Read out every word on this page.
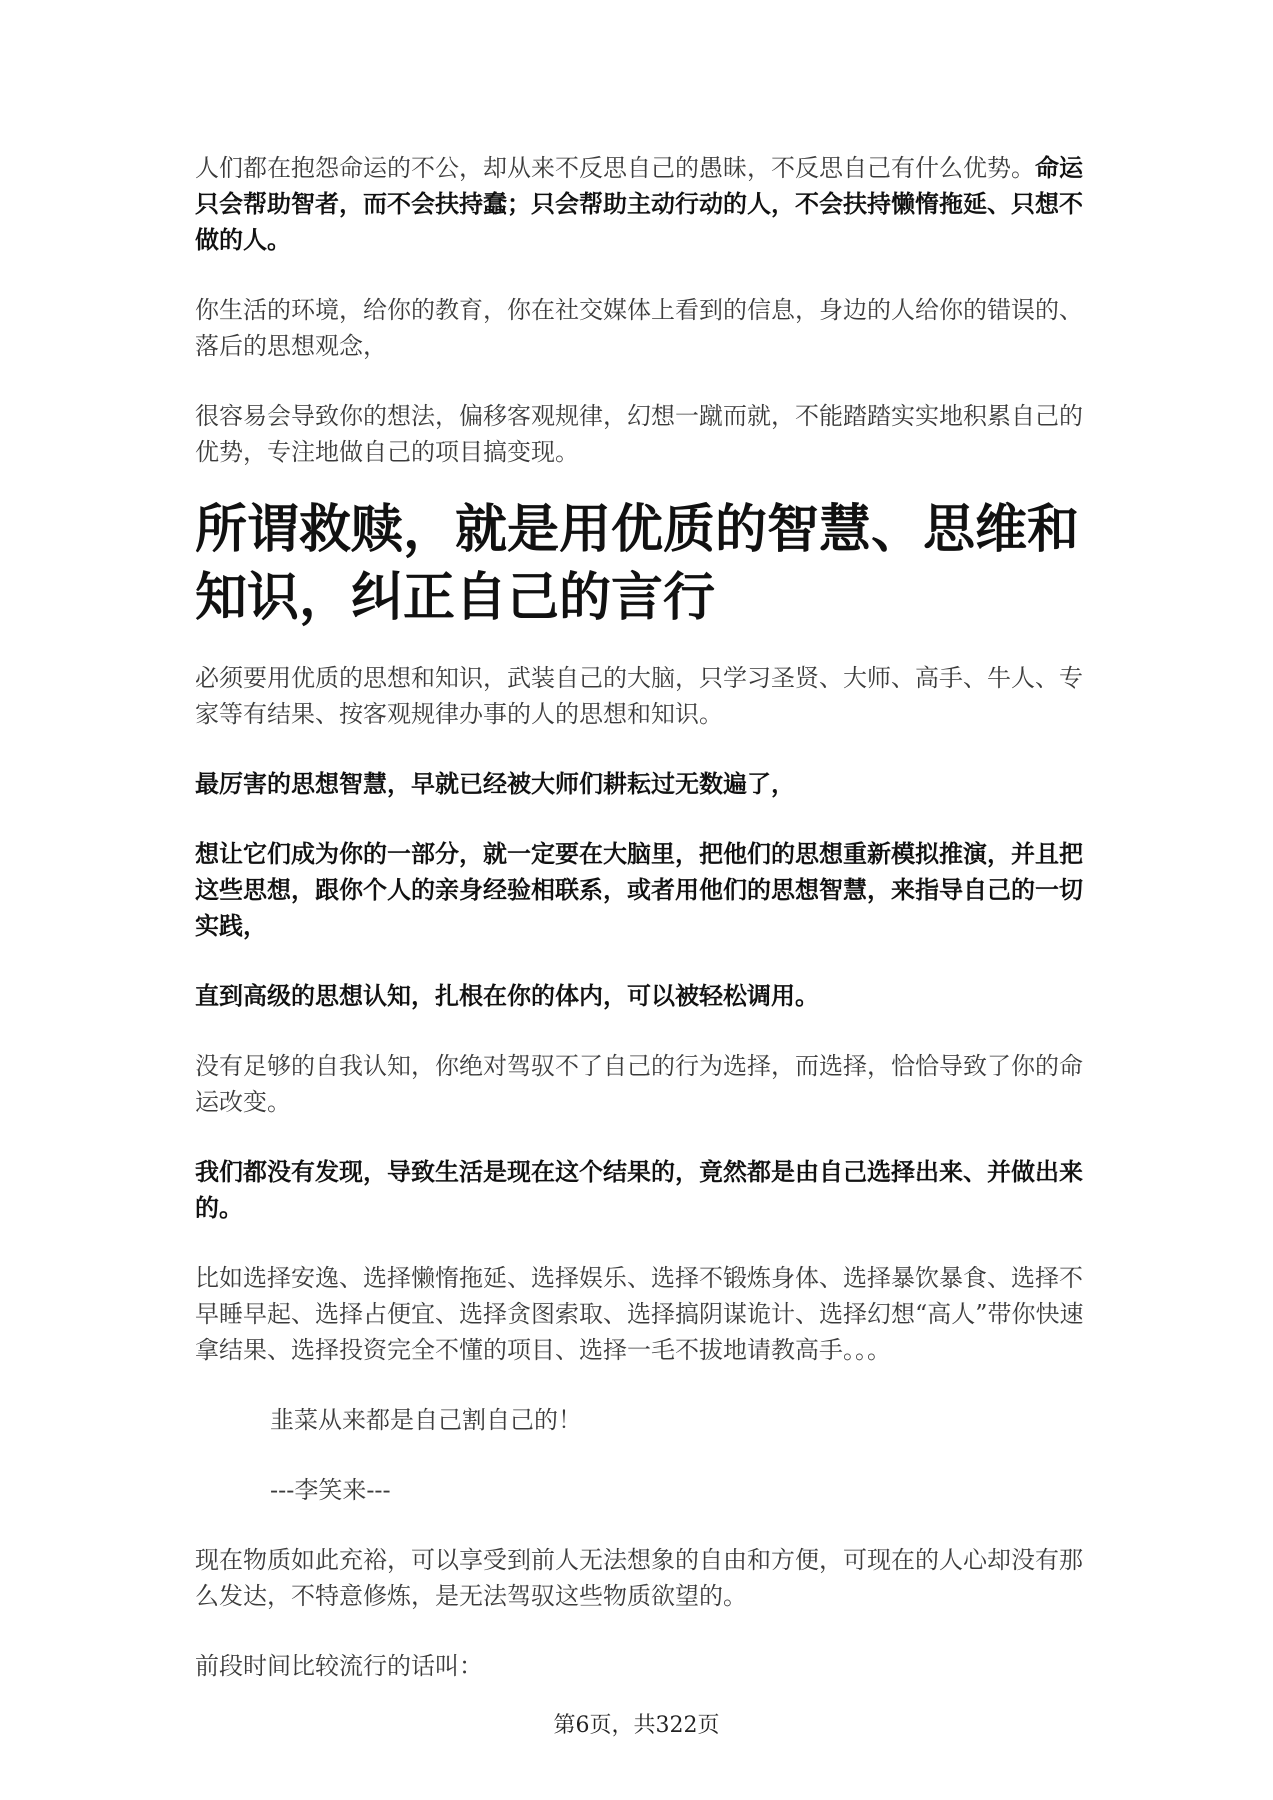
人们都在抱怨命运的不公，却从来不反思自己的愚昧，不反思自己有什么优势。命运只会帮助智者，而不会扶持蠢；只会帮助主动行动的人，不会扶持懒惰拖延、只想不做的人。

你生活的环境，给你的教育，你在社交媒体上看到的信息，身边的人给你的错误的、落后的思想观念，

很容易会导致你的想法，偏移客观规律，幻想一蹴而就，不能踏踏实实地积累自己的优势，专注地做自己的项目搞变现。

所谓救赎，就是用优质的智慧、思维和知识，纠正自己的言行

必须要用优质的思想和知识，武装自己的大脑，只学习圣贤、大师、高手、牛人、专家等有结果、按客观规律办事的人的思想和知识。

最厉害的思想智慧，早就已经被大师们耕耘过无数遍了，

想让它们成为你的一部分，就一定要在大脑里，把他们的思想重新模拟推演，并且把这些思想，跟你个人的亲身经验相联系，或者用他们的思想智慧，来指导自己的一切实践，

直到高级的思想认知，扎根在你的体内，可以被轻松调用。

没有足够的自我认知，你绝对驾驭不了自己的行为选择，而选择，恰恰导致了你的命运改变。

我们都没有发现，导致生活是现在这个结果的，竟然都是由自己选择出来、并做出来的。

比如选择安逸、选择懒惰拖延、选择娱乐、选择不锻炼身体、选择暴饮暴食、选择不早睡早起、选择占便宜、选择贪图索取、选择搞阴谋诡计、选择幻想“高人”带你快速拿结果、选择投资完全不懂的项目、选择一毛不拔地请教高手。。。

韭菜从来都是自己割自己的！

---李笑来---

现在物质如此充裕，可以享受到前人无法想象的自由和方便，可现在的人心却没有那么发达，不特意修炼，是无法驾驭这些物质欲望的。

前段时间比较流行的话叫：

第6页，共322页
